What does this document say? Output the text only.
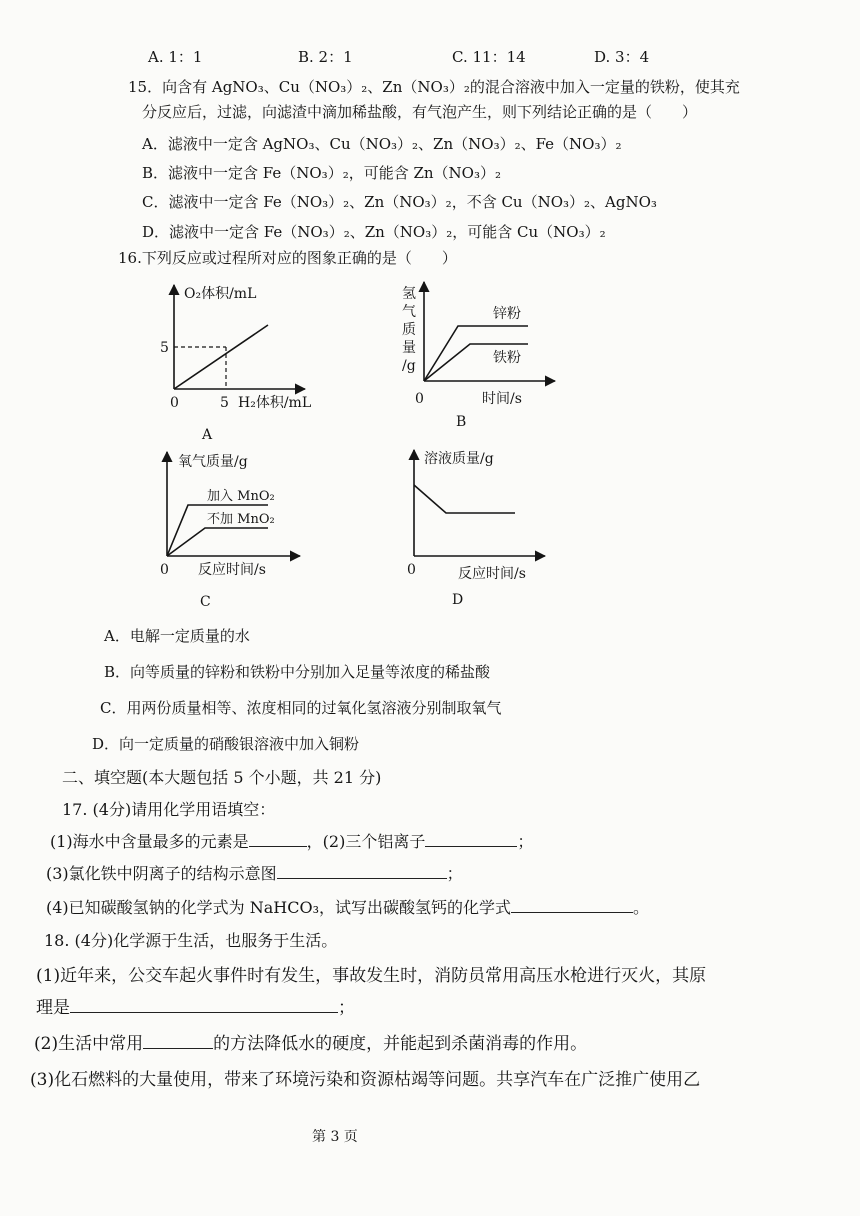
A. 1：1	B. 2：1	C. 11：14	D. 3：4
15．向含有 AgNO₃、Cu（NO₃）₂、Zn（NO₃）₂的混合溶液中加入一定量的铁粉，使其充
分反应后，过滤，向滤渣中滴加稀盐酸，有气泡产生，则下列结论正确的是（　　）
A．滤液中一定含 AgNO₃、Cu（NO₃）₂、Zn（NO₃）₂、Fe（NO₃）₂
B．滤液中一定含 Fe（NO₃）₂，可能含 Zn（NO₃）₂
C．滤液中一定含 Fe（NO₃）₂、Zn（NO₃）₂，不含 Cu（NO₃）₂、AgNO₃
D．滤液中一定含 Fe（NO₃）₂、Zn（NO₃）₂，可能含 Cu（NO₃）₂
16.下列反应或过程所对应的图象正确的是（　　）
O₂体积/mL
H₂体积/mL
0
5
5
A
氢
气
质
量
/g
锌粉
铁粉
0	时间/s
B
氧气质量/g
加入 MnO₂
不加 MnO₂
0 反应时间/s
C
溶液质量/g
0	反应时间/s
D
A．电解一定质量的水
B．向等质量的锌粉和铁粉中分别加入足量等浓度的稀盐酸
C．用两份质量相等、浓度相同的过氧化氢溶液分别制取氧气
D．向一定质量的硝酸银溶液中加入铜粉
二、填空题(本大题包括 5 个小题，共 21 分)
17. (4分)请用化学用语填空：
(1)海水中含量最多的元素是	，(2)三个铝离子	；
(3)氯化铁中阴离子的结构示意图	；
(4)已知碳酸氢钠的化学式为 NaHCO₃，试写出碳酸氢钙的化学式	。
18. (4分)化学源于生活，也服务于生活。
(1)近年来，公交车起火事件时有发生，事故发生时，消防员常用高压水枪进行灭火，其原
理是	；
(2)生活中常用	的方法降低水的硬度，并能起到杀菌消毒的作用。
(3)化石燃料的大量使用，带来了环境污染和资源枯竭等问题。共享汽车在广泛推广使用乙
第 3 页
